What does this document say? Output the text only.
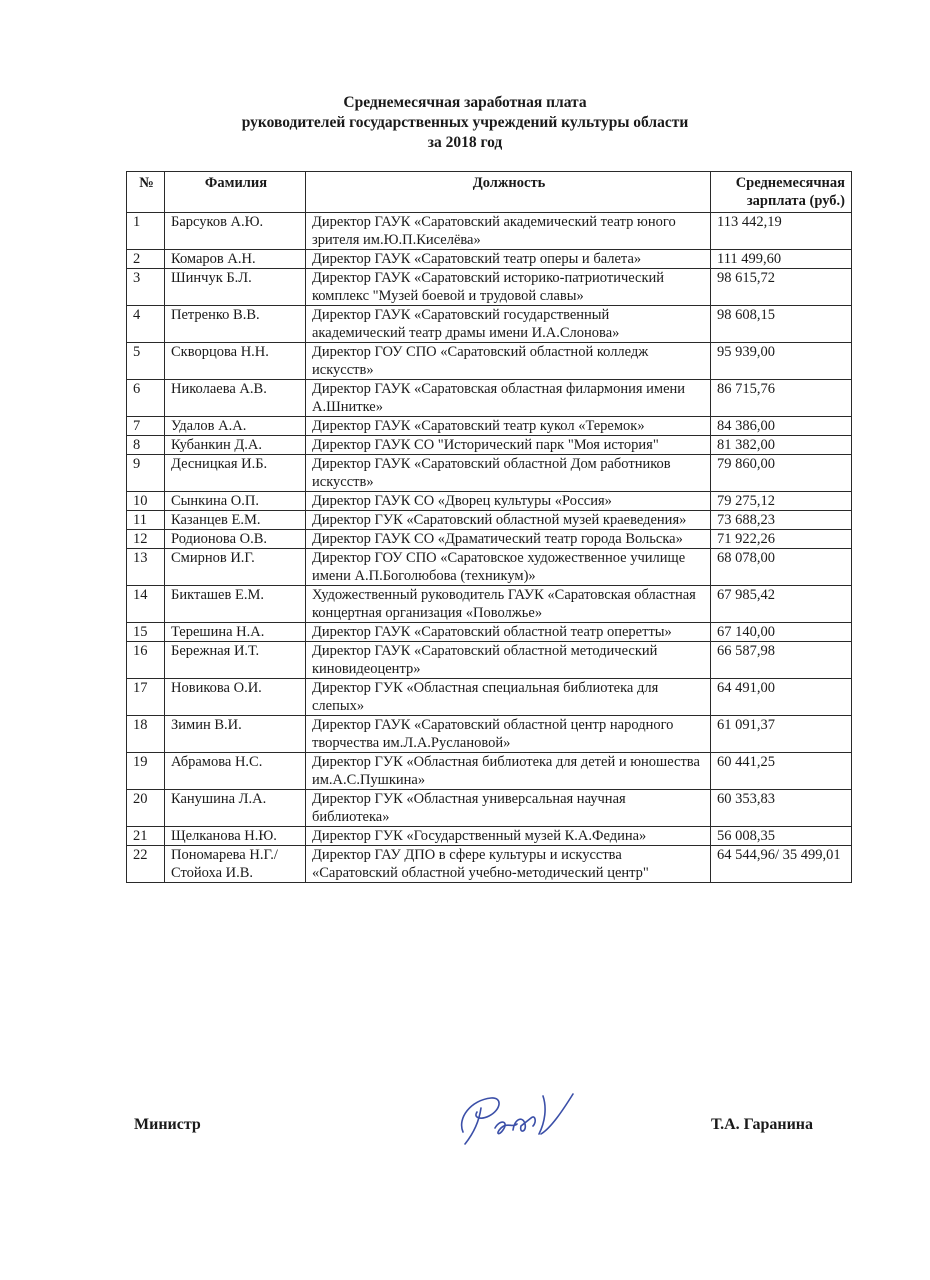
Среднемесячная заработная плата
руководителей государственных учреждений культуры области
за 2018 год
№	Фамилия	Должность	Среднемесячная
зарплата (руб.)

1	Барсуков А.Ю.	Директор ГАУК «Саратовский академический театр юного зрителя им.Ю.П.Киселёва»	113 442,19
2	Комаров А.Н.	Директор ГАУК «Саратовский театр оперы и балета»	111 499,60
3	Шинчук Б.Л.	Директор ГАУК «Саратовский историко-патриотический комплекс "Музей боевой и трудовой славы»	98 615,72
4	Петренко В.В.	Директор ГАУК «Саратовский государственный академический театр драмы имени И.А.Слонова»	98 608,15
5	Скворцова Н.Н.	Директор ГОУ СПО «Саратовский областной колледж искусств»	95 939,00
6	Николаева А.В.	Директор ГАУК «Саратовская областная филармония имени А.Шнитке»	86 715,76
7	Удалов А.А.	Директор ГАУК «Саратовский театр кукол «Теремок»	84 386,00
8	Кубанкин Д.А.	Директор ГАУК СО "Исторический парк "Моя история"	81 382,00
9	Десницкая И.Б.	Директор ГАУК «Саратовский областной Дом работников искусств»	79 860,00
10	Сынкина О.П.	Директор ГАУК СО «Дворец культуры «Россия»	79 275,12
11	Казанцев Е.М.	Директор ГУК «Саратовский областной музей краеведения»	73 688,23
12	Родионова О.В.	Директор ГАУК СО «Драматический театр города Вольска»	71 922,26
13	Смирнов И.Г.	Директор ГОУ СПО «Саратовское художественное училище имени А.П.Боголюбова (техникум)»	68 078,00
14	Бикташев Е.М.	Художественный руководитель ГАУК «Саратовская областная концертная организация «Поволжье»	67 985,42
15	Терешина Н.А.	Директор ГАУК «Саратовский областной театр оперетты»	67 140,00
16	Бережная И.Т.	Директор ГАУК «Саратовский областной методический киновидеоцентр»	66 587,98
17	Новикова О.И.	Директор ГУК «Областная специальная библиотека для слепых»	64 491,00
18	Зимин В.И.	Директор ГАУК «Саратовский областной центр народного творчества им.Л.А.Руслановой»	61 091,37
19	Абрамова Н.С.	Директор ГУК «Областная библиотека для детей и юношества им.А.С.Пушкина»	60 441,25
20	Канушина Л.А.	Директор ГУК «Областная универсальная научная библиотека»	60 353,83
21	Щелканова Н.Ю.	Директор ГУК «Государственный музей К.А.Федина»	56 008,35
22	Пономарева Н.Г./Стойоха И.В.	Директор ГАУ ДПО в сфере культуры и искусства «Саратовский областной учебно-методический центр"	64 544,96/ 35 499,01
Министр	Т.А. Гаранина
